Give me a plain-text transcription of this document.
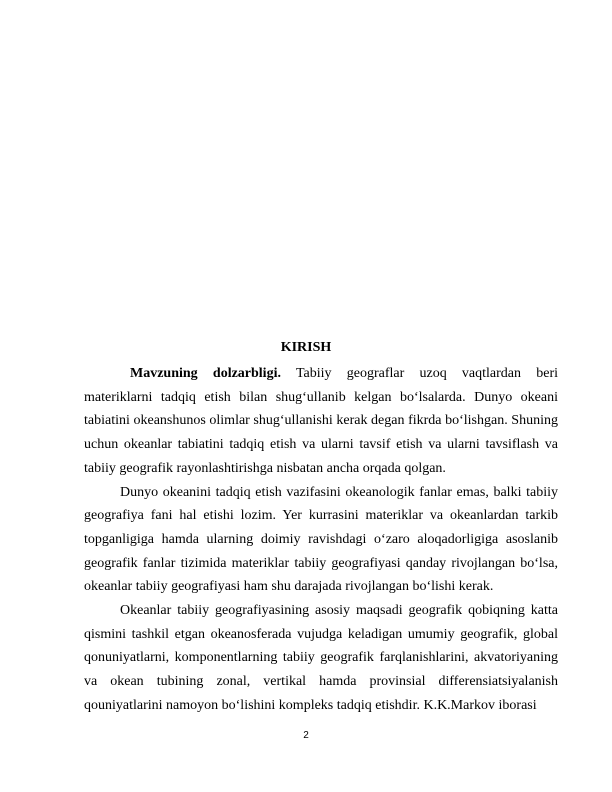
KIRISH

Mavzuning dolzarbligi. Tabiiy geograflar uzoq vaqtlardan beri materiklarni tadqiq etish bilan shug‘ullanib kelgan bo‘lsalarda. Dunyo okeani tabiatini okeanshunos olimlar shug‘ullanishi kerak degan fikrda bo‘lishgan. Shuning uchun okeanlar tabiatini tadqiq etish va ularni tavsif etish va ularni tavsiflash va tabiiy geografik rayonlashtirishga nisbatan ancha orqada qolgan.

Dunyo okeanini tadqiq etish vazifasini okeanologik fanlar emas, balki tabiiy geografiya fani hal etishi lozim. Yer kurrasini materiklar va okeanlardan tarkib topganligiga hamda ularning doimiy ravishdagi o‘zaro aloqadorligiga asoslanib geografik fanlar tizimida materiklar tabiiy geografiyasi qanday rivojlangan bo‘lsa, okeanlar tabiiy geografiyasi ham shu darajada rivojlangan bo‘lishi kerak.

Okeanlar tabiiy geografiyasining asosiy maqsadi geografik qobiqning katta qismini tashkil etgan okeanosferada vujudga keladigan umumiy geografik, global qonuniyatlarni, komponentlarning tabiiy geografik farqlanishlarini, akvatoriyaning va okean tubining zonal, vertikal hamda provinsial differensiatsiyalanish qouniyatlarini namoyon bo‘lishini kompleks tadqiq etishdir. K.K.Markov iborasi

2
